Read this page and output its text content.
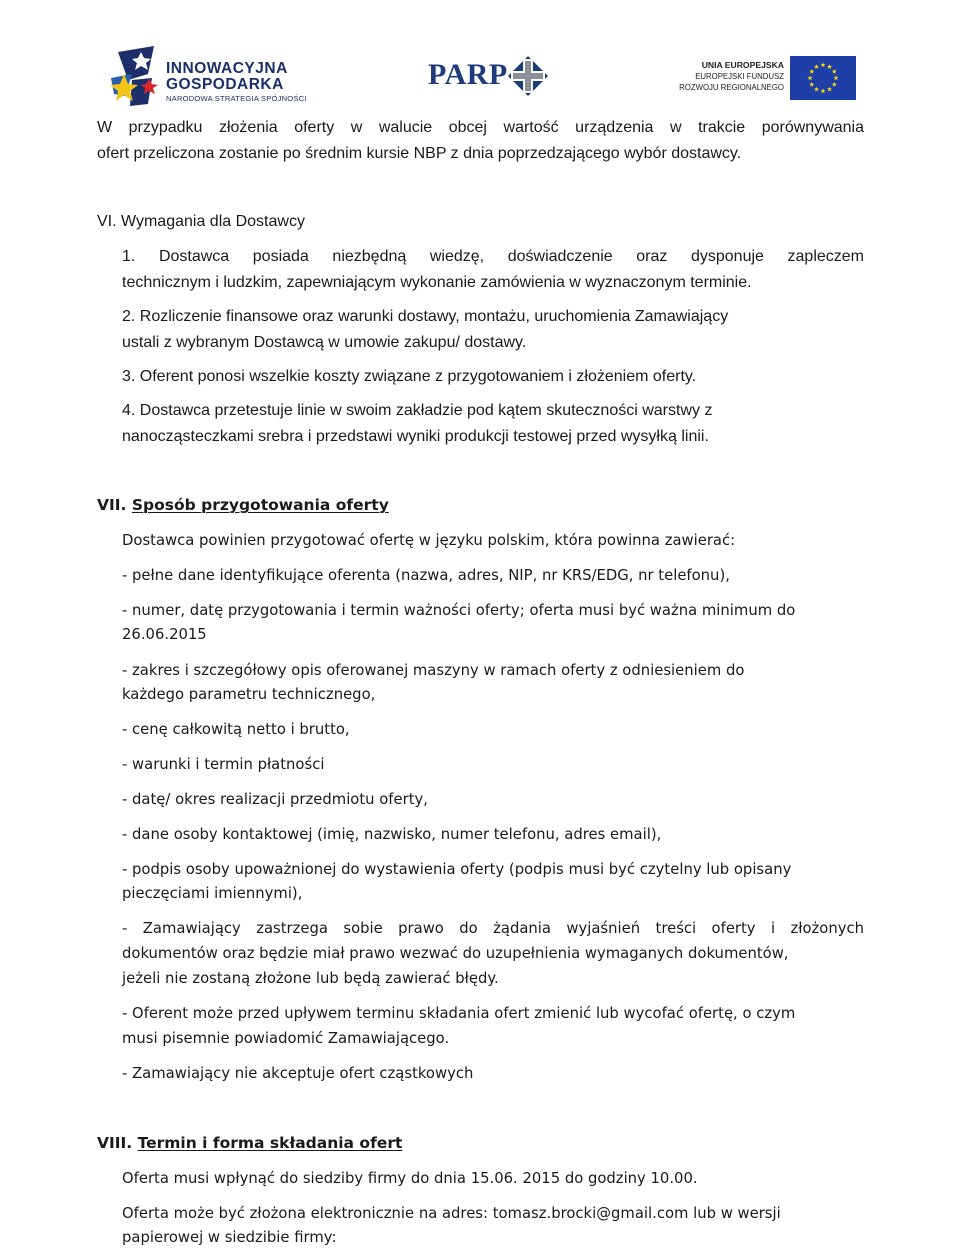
INNOWACYJNA
GOSPODARKA
NARODOWA STRATEGIA SPÓJNOŚCI
PARP	UNIA EUROPEJSKA
EUROPEJSKI FUNDUSZ
ROZWOJU REGIONALNEGO
W przypadku złożenia oferty w walucie obcej wartość urządzenia w trakcie porównywania
ofert przeliczona zostanie po średnim kursie NBP z dnia poprzedzającego wybór dostawcy.
VI. Wymagania dla Dostawcy
1. Dostawca posiada niezbędną wiedzę, doświadczenie oraz dysponuje zapleczem
technicznym i ludzkim, zapewniającym wykonanie zamówienia w wyznaczonym terminie.
2. Rozliczenie finansowe oraz warunki dostawy, montażu, uruchomienia Zamawiający
ustali z wybranym Dostawcą w umowie zakupu/ dostawy.
3. Oferent ponosi wszelkie koszty związane z przygotowaniem i złożeniem oferty.
4. Dostawca przetestuje linie w swoim zakładzie pod kątem skuteczności warstwy z
nanocząsteczkami srebra i przedstawi wyniki produkcji testowej przed wysyłką linii.
VII. Sposób przygotowania oferty
Dostawca powinien przygotować ofertę w języku polskim, która powinna zawierać:
- pełne dane identyfikujące oferenta (nazwa, adres, NIP, nr KRS/EDG, nr telefonu),
- numer, datę przygotowania i termin ważności oferty; oferta musi być ważna minimum do
26.06.2015
- zakres i szczegółowy opis oferowanej maszyny w ramach oferty z odniesieniem do
każdego parametru technicznego,
- cenę całkowitą netto i brutto,
- warunki i termin płatności
- datę/ okres realizacji przedmiotu oferty,
- dane osoby kontaktowej (imię, nazwisko, numer telefonu, adres email),
- podpis osoby upoważnionej do wystawienia oferty (podpis musi być czytelny lub opisany
pieczęciami imiennymi),
- Zamawiający zastrzega sobie prawo do żądania wyjaśnień treści oferty i złożonych
dokumentów oraz będzie miał prawo wezwać do uzupełnienia wymaganych dokumentów,
jeżeli nie zostaną złożone lub będą zawierać błędy.
- Oferent może przed upływem terminu składania ofert zmienić lub wycofać ofertę, o czym
musi pisemnie powiadomić Zamawiającego.
- Zamawiający nie akceptuje ofert cząstkowych
VIII. Termin i forma składania ofert
Oferta musi wpłynąć do siedziby firmy do dnia 15.06. 2015 do godziny 10.00.
Oferta może być złożona elektronicznie na adres: tomasz.brocki@gmail.com lub w wersji
papierowej w siedzibie firmy:
